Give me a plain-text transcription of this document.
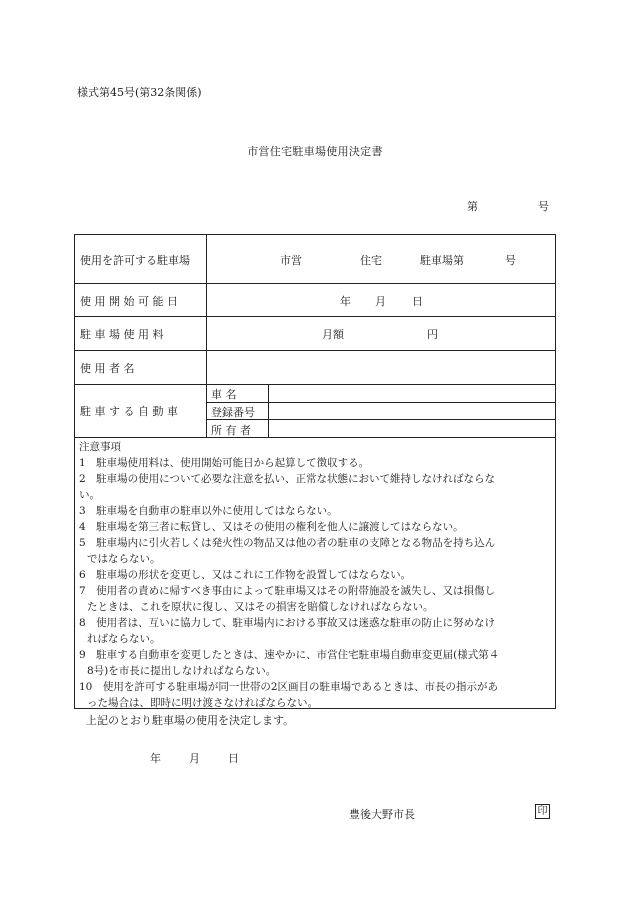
様式第45号(第32条関係)
市営住宅駐車場使用決定書
第	号
使用を許可する駐車場	市営	住宅	駐車場第	号
使 用 開 始 可 能 日	年 月 日
駐 車 場 使 用 料	月額	円
使 用 者 名
駐 車 す る 自 動 車
車 名
登録番号
所 有 者
注意事項
1　駐車場使用料は、使用開始可能日から起算して徴収する。
2　駐車場の使用について必要な注意を払い、正常な状態において維持しなければならな
い。
3　駐車場を自動車の駐車以外に使用してはならない。
4　駐車場を第三者に転貸し、又はその使用の権利を他人に譲渡してはならない。
5　駐車場内に引火若しくは発火性の物品又は他の者の駐車の支障となる物品を持ち込ん
ではならない。
6　駐車場の形状を変更し、又はこれに工作物を設置してはならない。
7　使用者の責めに帰すべき事由によって駐車場又はその附帯施設を滅失し、又は損傷し
たときは、これを原状に復し、又はその損害を賠償しなければならない。
8　使用者は、互いに協力して、駐車場内における事故又は迷惑な駐車の防止に努めなけ
ればならない。
9　駐車する自動車を変更したときは、速やかに、市営住宅駐車場自動車変更届(様式第４
8号)を市長に提出しなければならない。
10　使用を許可する駐車場が同一世帯の2区画目の駐車場であるときは、市長の指示があ
った場合は、即時に明け渡さなければならない。
上記のとおり駐車場の使用を決定します。
年	月	日
豊後大野市長	印
